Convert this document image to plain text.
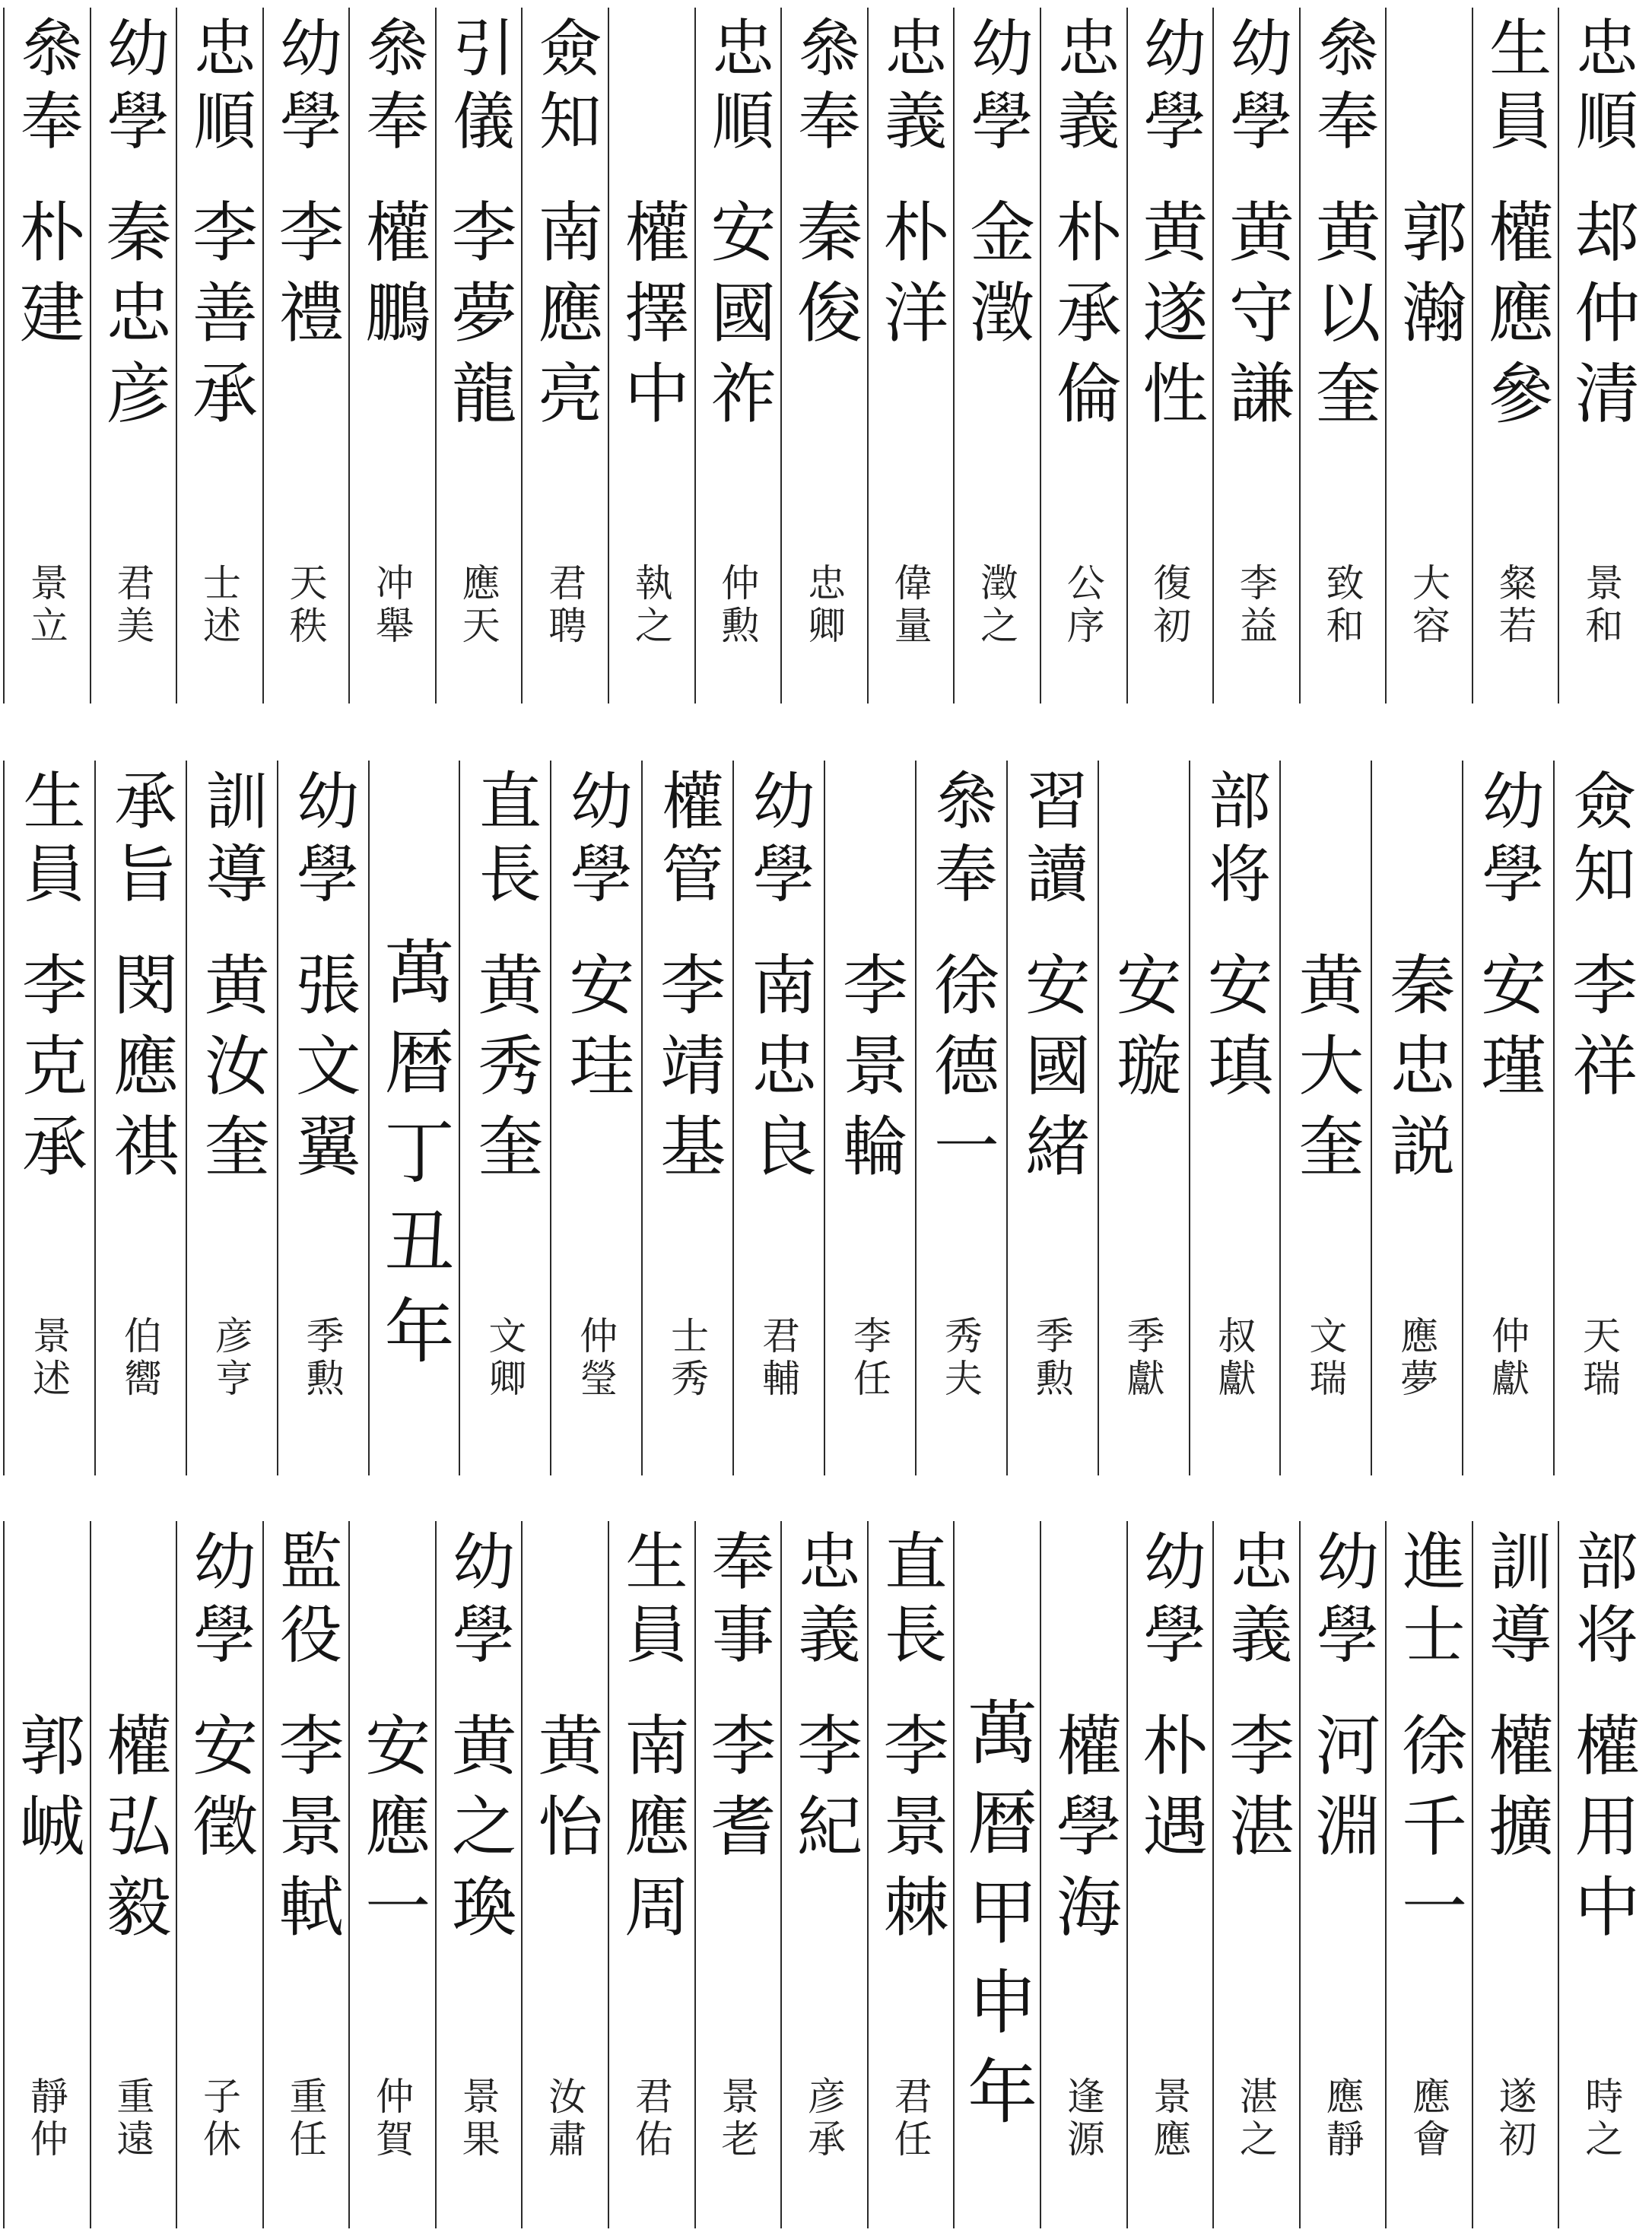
忠順
𨚫仲清
景和
生員
權應參
粲若
郭瀚
大容
叅奉
黄以奎
致和
幼學
黄守謙
李益
幼學
黄遂性
復初
忠義
朴承倫
公序
幼學
金澂
澂之
忠義
朴洋
偉量
叅奉
秦俊
忠卿
忠順
安國祚
仲勲
權擇中
執之
僉知
南應亮
君聘
引儀
李夢龍
應天
叅奉
權鵬
冲舉
幼學
李禮
天秩
忠順
李善承
士述
幼學
秦忠彦
君美
叅奉
朴建
景立
僉知
李祥
天瑞
幼學
安瑾
仲獻
秦忠説
應夢
黄大奎
文瑞
部将
安瑱
叔獻
安璇
季獻
習讀
安國緒
季勲
叅奉
徐德一
秀夫
李景輪
李任
幼學
南忠良
君輔
權管
李靖基
士秀
幼學
安珪
仲瑩
直長
黄秀奎
文卿
萬暦丁丑年
幼學
張文翼
季勲
訓導
黄汝奎
彦亨
承旨
閔應祺
伯嚮
生員
李克承
景述
部将
權用中
時之
訓導
權擴
遂初
進士
徐千一
應會
幼學
河淵
應靜
忠義
李湛
湛之
幼學
朴遇
景應
權學海
逢源
萬暦甲申年
直長
李景棘
君任
忠義
李紀
彦承
奉事
李耆
景老
生員
南應周
君佑
黄怡
汝肅
幼學
黄之瑍
景果
安應一
仲賀
監役
李景軾
重任
幼學
安徵
子休
權弘毅
重遠
郭峸
靜仲
